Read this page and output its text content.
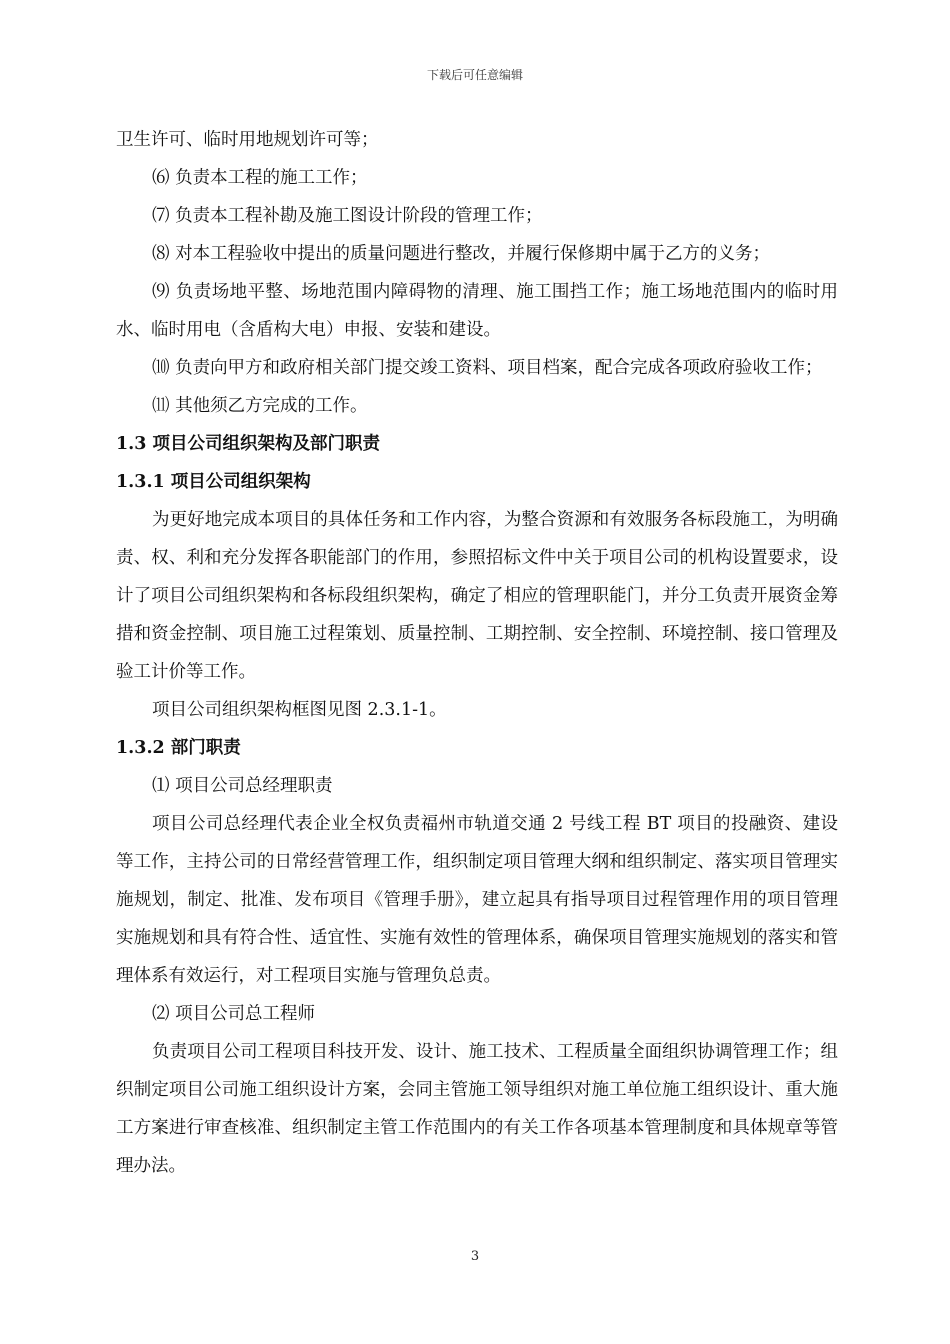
下载后可任意编辑

卫生许可、临时用地规划许可等；

⑹ 负责本工程的施工工作；

⑺ 负责本工程补勘及施工图设计阶段的管理工作；

⑻ 对本工程验收中提出的质量问题进行整改，并履行保修期中属于乙方的义务；

⑼ 负责场地平整、场地范围内障碍物的清理、施工围挡工作；施工场地范围内的临时用水、临时用电（含盾构大电）申报、安装和建设。

⑽ 负责向甲方和政府相关部门提交竣工资料、项目档案，配合完成各项政府验收工作；

⑾ 其他须乙方完成的工作。

1.3 项目公司组织架构及部门职责

1.3.1 项目公司组织架构

为更好地完成本项目的具体任务和工作内容，为整合资源和有效服务各标段施工，为明确责、权、利和充分发挥各职能部门的作用，参照招标文件中关于项目公司的机构设置要求，设计了项目公司组织架构和各标段组织架构，确定了相应的管理职能门，并分工负责开展资金筹措和资金控制、项目施工过程策划、质量控制、工期控制、安全控制、环境控制、接口管理及验工计价等工作。

项目公司组织架构框图见图 2.3.1-1。

1.3.2 部门职责

⑴ 项目公司总经理职责

项目公司总经理代表企业全权负责福州市轨道交通 2 号线工程 BT 项目的投融资、建设等工作，主持公司的日常经营管理工作，组织制定项目管理大纲和组织制定、落实项目管理实施规划，制定、批准、发布项目《管理手册》，建立起具有指导项目过程管理作用的项目管理实施规划和具有符合性、适宜性、实施有效性的管理体系，确保项目管理实施规划的落实和管理体系有效运行，对工程项目实施与管理负总责。

⑵ 项目公司总工程师

负责项目公司工程项目科技开发、设计、施工技术、工程质量全面组织协调管理工作；组织制定项目公司施工组织设计方案，会同主管施工领导组织对施工单位施工组织设计、重大施工方案进行审查核准、组织制定主管工作范围内的有关工作各项基本管理制度和具体规章等管理办法。

3
